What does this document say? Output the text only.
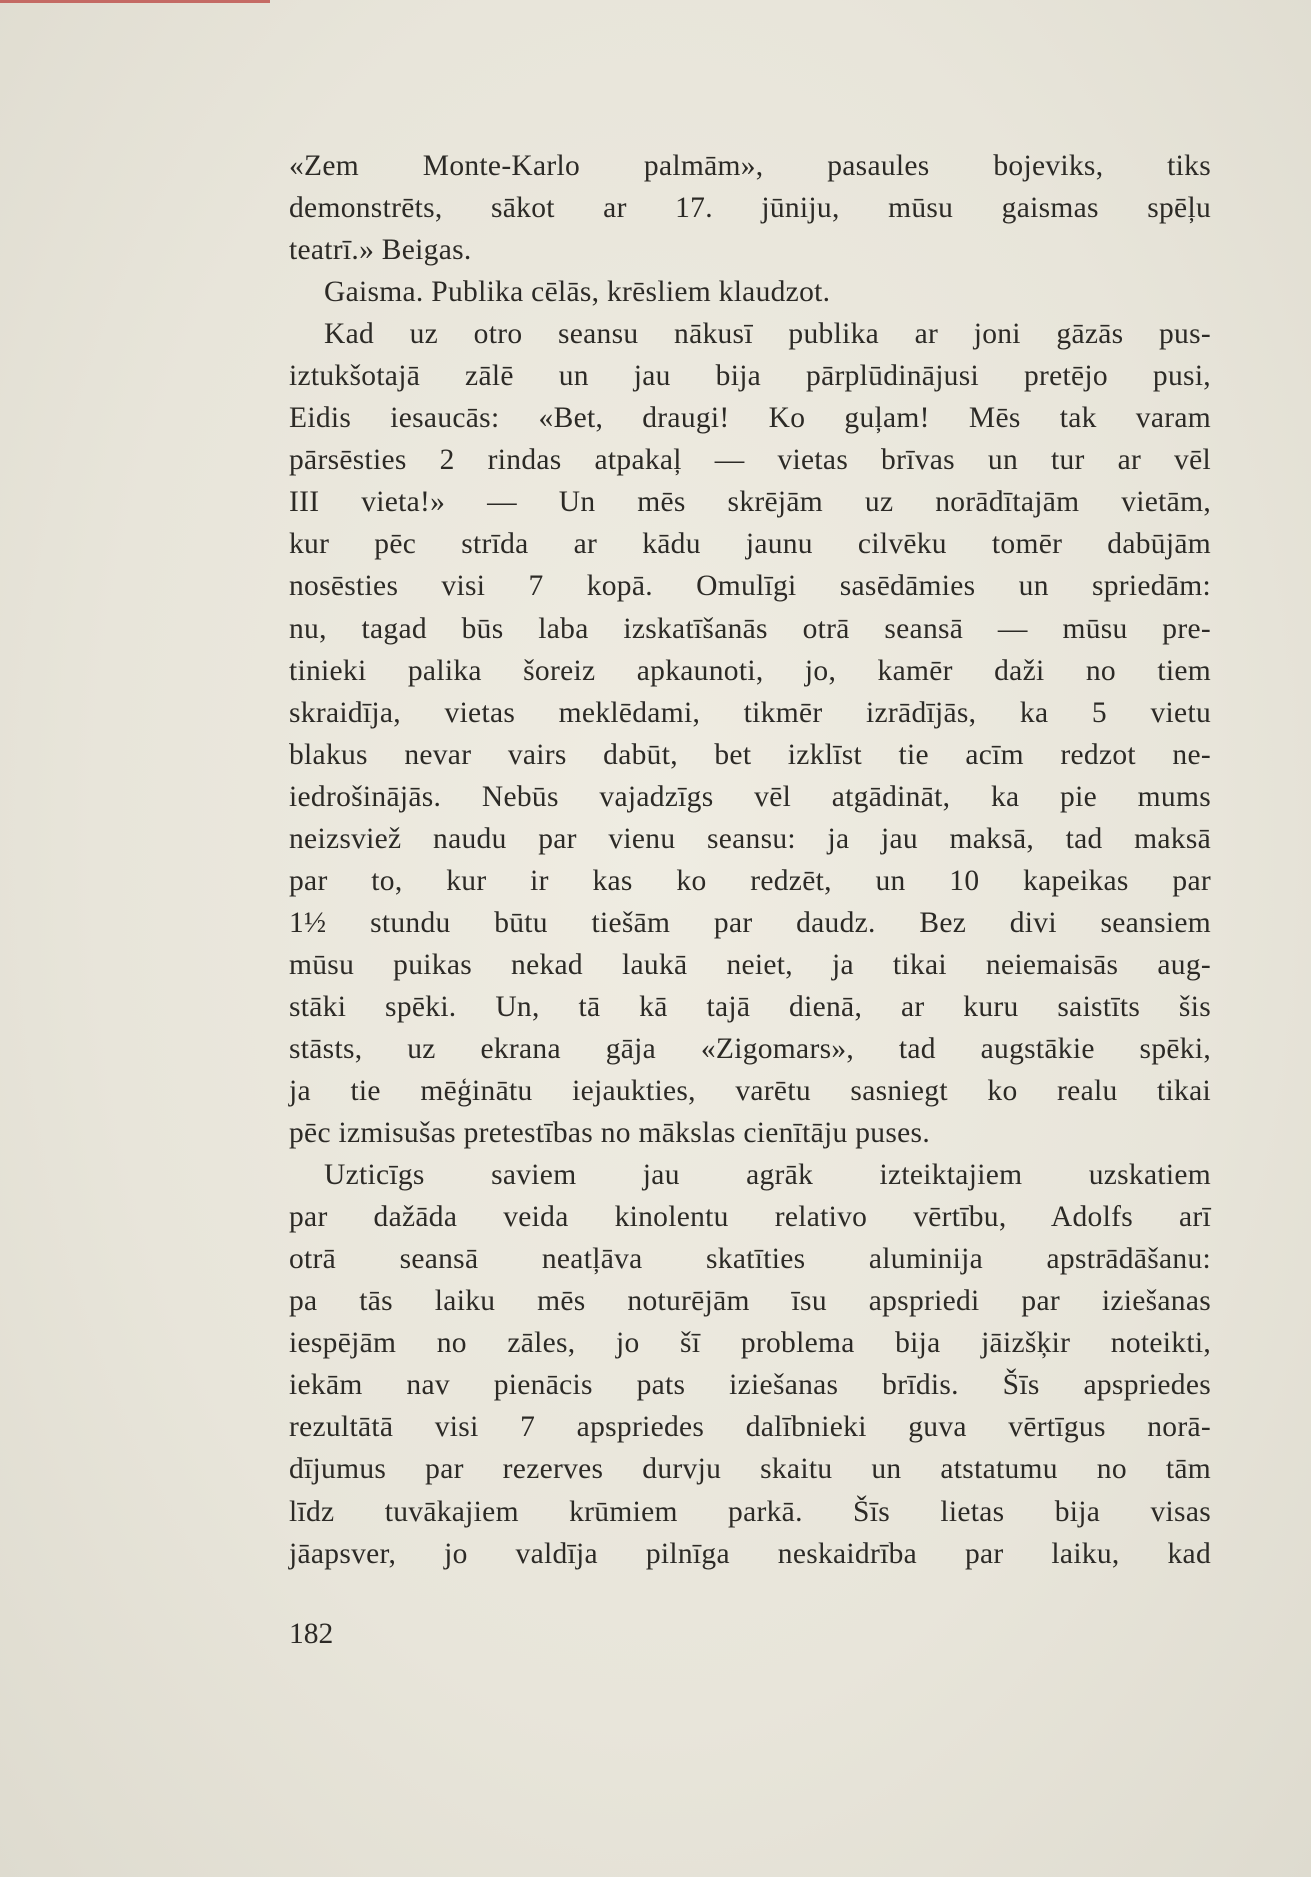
«Zem Monte-Karlo palmām», pasaules bojeviks, tiks
demonstrēts, sākot ar 17. jūniju, mūsu gaismas spēļu
teatrī.» Beigas.
Gaisma. Publika cēlās, krēsliem klaudzot.
Kad uz otro seansu nākusī publika ar joni gāzās pus-
iztukšotajā zālē un jau bija pārplūdinājusi pretējo pusi,
Eidis iesaucās: «Bet, draugi! Ko guļam! Mēs tak varam
pārsēsties 2 rindas atpakaļ — vietas brīvas un tur ar vēl
III vieta!» — Un mēs skrējām uz norādītajām vietām,
kur pēc strīda ar kādu jaunu cilvēku tomēr dabūjām
nosēsties visi 7 kopā. Omulīgi sasēdāmies un spriedām:
nu, tagad būs laba izskatīšanās otrā seansā — mūsu pre-
tinieki palika šoreiz apkaunoti, jo, kamēr daži no tiem
skraidīja, vietas meklēdami, tikmēr izrādījās, ka 5 vietu
blakus nevar vairs dabūt, bet izklīst tie acīm redzot ne-
iedrošinājās. Nebūs vajadzīgs vēl atgādināt, ka pie mums
neizsviež naudu par vienu seansu: ja jau maksā, tad maksā
par to, kur ir kas ko redzēt, un 10 kapeikas par
1½ stundu būtu tiešām par daudz. Bez divi seansiem
mūsu puikas nekad laukā neiet, ja tikai neiemaisās aug-
stāki spēki. Un, tā kā tajā dienā, ar kuru saistīts šis
stāsts, uz ekrana gāja «Zigomars», tad augstākie spēki,
ja tie mēģinātu iejaukties, varētu sasniegt ko realu tikai
pēc izmisušas pretestības no mākslas cienītāju puses.
Uzticīgs saviem jau agrāk izteiktajiem uzskatiem
par dažāda veida kinolentu relativo vērtību, Adolfs arī
otrā seansā neatļāva skatīties aluminija apstrādāšanu:
pa tās laiku mēs noturējām īsu apspriedi par iziešanas
iespējām no zāles, jo šī problema bija jāizšķir noteikti,
iekām nav pienācis pats iziešanas brīdis. Šīs apspriedes
rezultātā visi 7 apspriedes dalībnieki guva vērtīgus norā-
dījumus par rezerves durvju skaitu un atstatumu no tām
līdz tuvākajiem krūmiem parkā. Šīs lietas bija visas
jāapsver, jo valdīja pilnīga neskaidrība par laiku, kad
182
